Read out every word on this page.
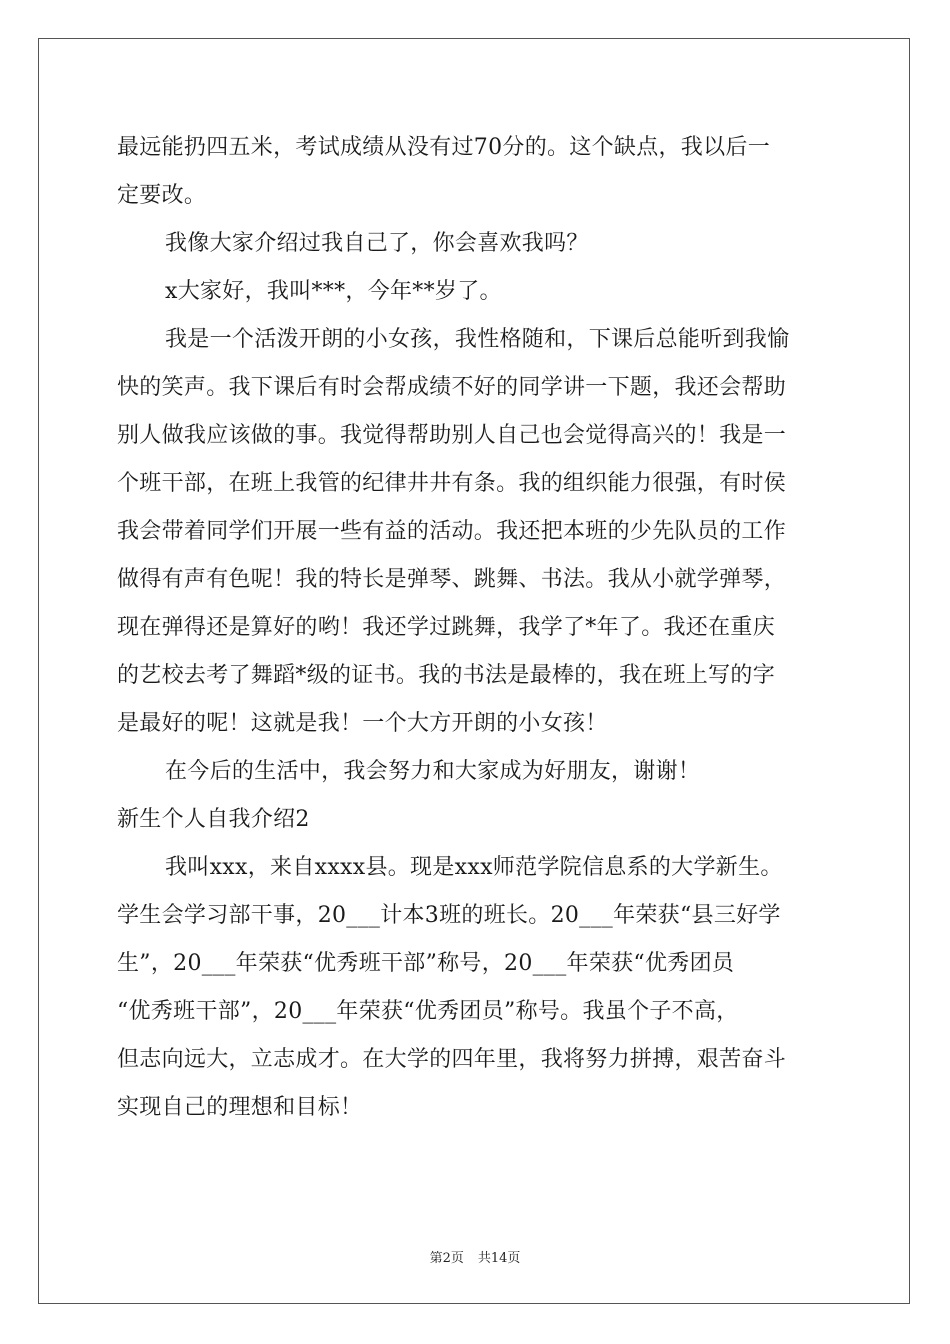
最远能扔四五米，考试成绩从没有过70分的。这个缺点，我以后一
定要改。
我像大家介绍过我自己了，你会喜欢我吗？
x大家好，我叫***，今年**岁了。
我是一个活泼开朗的小女孩，我性格随和，下课后总能听到我愉
快的笑声。我下课后有时会帮成绩不好的同学讲一下题，我还会帮助
别人做我应该做的事。我觉得帮助别人自己也会觉得高兴的！我是一
个班干部，在班上我管的纪律井井有条。我的组织能力很强，有时侯
我会带着同学们开展一些有益的活动。我还把本班的少先队员的工作
做得有声有色呢！我的特长是弹琴、跳舞、书法。我从小就学弹琴，
现在弹得还是算好的哟！我还学过跳舞，我学了*年了。我还在重庆
的艺校去考了舞蹈*级的证书。我的书法是最棒的，我在班上写的字
是最好的呢！这就是我！一个大方开朗的小女孩！
在今后的生活中，我会努力和大家成为好朋友，谢谢！
新生个人自我介绍2
我叫xxx，来自xxxx县。现是xxx师范学院信息系的大学新生。
学生会学习部干事，20___计本3班的班长。20___年荣获“县三好学
生”，20___年荣获“优秀班干部”称号，20___年荣获“优秀团员
“优秀班干部”，20___年荣获“优秀团员”称号。我虽个子不高，
但志向远大，立志成才。在大学的四年里，我将努力拼搏，艰苦奋斗
实现自己的理想和目标！
第2页 共14页
